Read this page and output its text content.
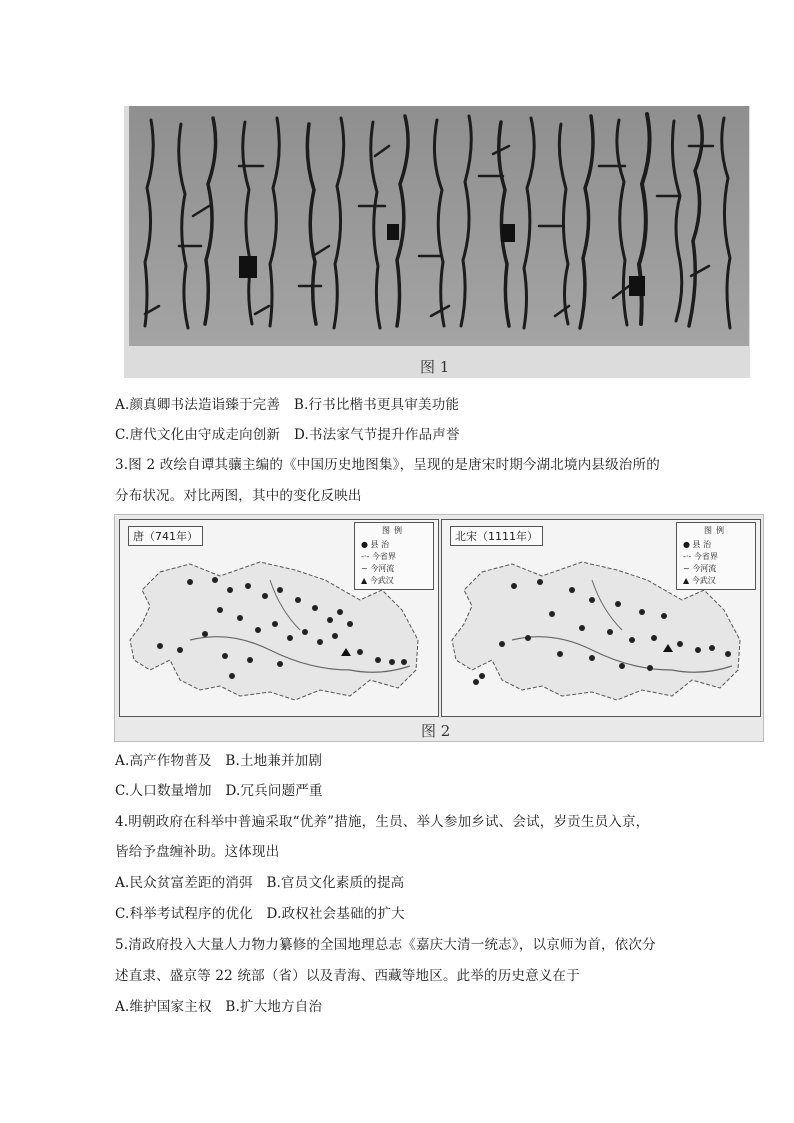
图 1
A.颜真卿书法造诣臻于完善　B.行书比楷书更具审美功能
C.唐代文化由守成走向创新　D.书法家气节提升作品声誉
3.图 2 改绘自谭其骧主编的《中国历史地图集》，呈现的是唐宋时期今湖北境内县级治所的
分布状况。对比两图，其中的变化反映出
唐（741年）	图例
● 县 治
-·- 今省界
~ 今河流
▲ 今武汉
北宋（1111年）	图例
● 县 治
-·- 今省界
~ 今河流
▲ 今武汉
图 2
A.高产作物普及　B.土地兼并加剧
C.人口数量增加　D.冗兵问题严重
4.明朝政府在科举中普遍采取“优养”措施，生员、举人参加乡试、会试，岁贡生员入京，
皆给予盘缠补助。这体现出
A.民众贫富差距的消弭　B.官员文化素质的提高
C.科举考试程序的优化　D.政权社会基础的扩大
5.清政府投入大量人力物力纂修的全国地理总志《嘉庆大清一统志》，以京师为首，依次分
述直隶、盛京等 22 统部（省）以及青海、西藏等地区。此举的历史意义在于
A.维护国家主权　B.扩大地方自治
